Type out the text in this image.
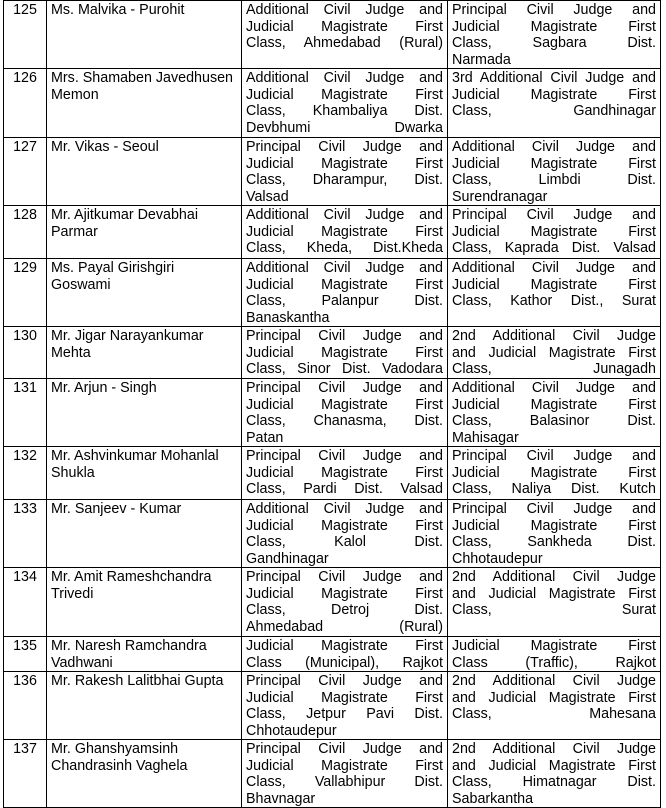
125	Ms. Malvika - Purohit	Additional Civil Judge and
Judicial Magistrate First
Class, Ahmedabad (Rural)	Principal Civil Judge and
Judicial Magistrate First
Class, Sagbara Dist.
Narmada

126	Mrs. Shamaben Javedhusen Memon	Additional Civil Judge and
Judicial Magistrate First
Class, Khambaliya Dist.
Devbhumi Dwarka	3rd Additional Civil Judge and
Judicial Magistrate First
Class, Gandhinagar

127	Mr. Vikas - Seoul	Principal Civil Judge and
Judicial Magistrate First
Class, Dharampur, Dist.
Valsad	Additional Civil Judge and
Judicial Magistrate First
Class, Limbdi Dist.
Surendranagar

128	Mr. Ajitkumar Devabhai Parmar	Additional Civil Judge and
Judicial Magistrate First
Class, Kheda, Dist.Kheda	Principal Civil Judge and
Judicial Magistrate First
Class, Kaprada Dist. Valsad

129	Ms. Payal Girishgiri Goswami	Additional Civil Judge and
Judicial Magistrate First
Class, Palanpur Dist.
Banaskantha	Additional Civil Judge and
Judicial Magistrate First
Class, Kathor Dist., Surat

130	Mr. Jigar Narayankumar Mehta	Principal Civil Judge and
Judicial Magistrate First
Class, Sinor Dist. Vadodara	2nd Additional Civil Judge
and Judicial Magistrate First
Class, Junagadh

131	Mr. Arjun - Singh	Principal Civil Judge and
Judicial Magistrate First
Class, Chanasma, Dist.
Patan	Additional Civil Judge and
Judicial Magistrate First
Class, Balasinor Dist.
Mahisagar

132	Mr. Ashvinkumar Mohanlal Shukla	Principal Civil Judge and
Judicial Magistrate First
Class, Pardi Dist. Valsad	Principal Civil Judge and
Judicial Magistrate First
Class, Naliya Dist. Kutch

133	Mr. Sanjeev - Kumar	Additional Civil Judge and
Judicial Magistrate First
Class, Kalol Dist.
Gandhinagar	Principal Civil Judge and
Judicial Magistrate First
Class, Sankheda Dist.
Chhotaudepur

134	Mr. Amit Rameshchandra Trivedi	Principal Civil Judge and
Judicial Magistrate First
Class, Detroj Dist.
Ahmedabad (Rural)	2nd Additional Civil Judge
and Judicial Magistrate First
Class, Surat

135	Mr. Naresh Ramchandra Vadhwani	Judicial Magistrate First
Class (Municipal), Rajkot	Judicial Magistrate First
Class (Traffic), Rajkot

136	Mr. Rakesh Lalitbhai Gupta	Principal Civil Judge and
Judicial Magistrate First
Class, Jetpur Pavi Dist.
Chhotaudepur	2nd Additional Civil Judge
and Judicial Magistrate First
Class, Mahesana

137	Mr. Ghanshyamsinh Chandrasinh Vaghela	Principal Civil Judge and
Judicial Magistrate First
Class, Vallabhipur Dist.
Bhavnagar	2nd Additional Civil Judge
and Judicial Magistrate First
Class, Himatnagar Dist.
Sabarkantha
